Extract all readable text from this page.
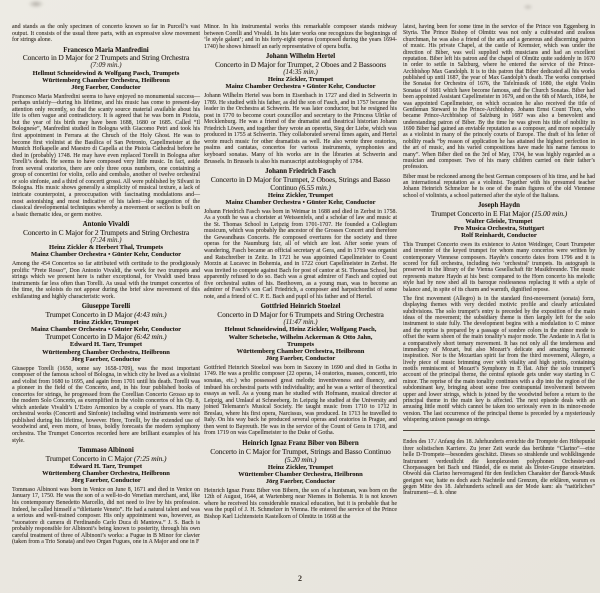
and stands as the only specimen of concerto known so far in Purcell’s vast output. It consists of the usual three parts, with an expressive slow movement for strings alone.

Francesco Maria Manfredini
Concerto in D Major for 2 Trumpets and String Orchestra
(7:09 min.)
Hellmut Schneidewind & Wolfgang Pasch, Trumpets
Württemberg Chamber Orchestra, Heilbronn
Jörg Faerber, Conductor

Francesco Maria Manfredini seems to have enjoyed no monumental success—perhaps unfairly—during his lifetime, and his music has come to present-day attention only recently, so that the scanty source material available about his life is often vague and contradictory. It is agreed that he was born in Pistoia, but the year of his birth may have been 1688, 1680 or 1685. Called “Il Bolognese”, Manfredini studied in Bologna with Giacomo Petri and took his first appointment in Ferrara at the Chruch of the Holy Ghost. He was to become first violinist at the Basilica of San Petronio, Capellmeister at the Munich Hofkapelle and Maestro di Capella at the Pistoia Cathedral before he died in (probably) 1748. He may have even replaced Torelli in Bologna after Torelli’s death. He seems to have composed very little music. In fact, aside from several oratorios, there are only three opus numbers, one containing a group of concertini for violin, cello and cembalo, another of twelve orchestral or solo sinfonie, and a third of concerti grossi. All were published by Silvani in Bologna. His music shows generally a simplicity of musical texture, a lack of intricate counterpoint, a preoccupation with fascinating modulations and—most astonishing and most indicative of his talent—the suggestion of the classical developmental techniques whereby a movement or section is built on a basic thematic idea, or germ motive.

Antonio Vivaldi
Concerto in C Major for 2 Trumpets and String Orchestra
(7:24 min.)
Heinz Zickler & Herbert Thal, Trumpets
Mainz Chamber Orchestra • Günter Kehr, Conductor

Among the 454 Concertos so far attributed with certitude to the prodigiously prolific “Prete Rosso”, Don Antonio Vivaldi, the work for two trumpets and strings which we present here is rather exceptional, for Vivaldi used brass instruments far less often than Torelli. As usual with the trumpet concertos of the time, the soloists do not appear during the brief slow movement of this exhilarating and highly characteristic work.

Giuseppe Torelli
Trumpet Concerto in D Major (4:43 min.)
Heinz Zickler, Trumpet
Mainz Chamber Orchestra • Günter Kehr, Conductor
Trumpet Concerto in D Major (6:42 min.)
Edward H. Tarr, Trumpet
Württemberg Chamber Orchestra, Heilbronn
Jörg Faerber, Conductor

Giuseppe Torelli (1650, some say 1658-1709), was the most important composer of the famous school of Bologna, in which city he lived as a violinist and violist from 1680 to 1695, and again from 1701 until his death. Torelli was a pioneer in the field of the Concerto, and, in his four published books of concertos for strings, he progressed from the Corellian Concerto Grosso up to the modern Solo Concerto, as exemplified in the violin concertos of his Op. 8, which antedate Vivaldi’s L’Estro Armonico by a couple of years. His many orchestral works (Concerti and Sinfonie) including wind instruments were not published during his lifetime, however. Here, Torelli, by the extended use of woodwind and, even more, of brass, boldly forecasts the modern symphony orchestra. The Trumpet Concertos recorded here are brilliant examples of his style.

Tommaso Albinoni
Trumpet Concerto in C Major (7:25 min.)
Edward H. Tarr, Trumpet
Württemberg Chamber Orchestra, Heilbronn
Jörg Faerber, Conductor

Tommaso Albinoni was born in Venice on June 8, 1671 and died in Venice on January 17, 1750. He was the son of a well-to-do Venetian merchant, and, like his contemporary Benedetto Marcello, did not need to live by his profession. Indeed, he called himself a “dilettante Veneto”. He had a natural talent and was a serious and well-trained composer. His only appointment was, however, as “suonatore di camera di Ferdinando Carlo Duca di Mantova.” J. S. Bach is probably responsible for Albinoni’s being known to posterity, through his own careful treatment of three of Albinoni’s works: a Fugue in B Minor for clavier (taken from a Trio Sonata) and two Organ Fugues, one in A Major and one in F

Minor. In his instrumental works this remarkable composer stands midway between Corelli and Vivaldi. In his later works one recognizes the beginnings of ‘le style galant’; and in his forty-eight operas (composed during the years 1694-1740) he shows himself an early representative of opera buffa.

Johann Wilhelm Hertel
Concerto in D Major for Trumpet, 2 Oboes and 2 Bassoons
(14:35 min.)
Heinz Zickler, Trumpet
Mainz Chamber Orchestra • Günter Kehr, Conductor

Johann Wilhelm Hertel was born in Eisenbach in 1727 and died in Schwerin in 1789. He studied with his father, as did the son of Fasch, and in 1757 became the leader in the Orchestra at Schwerin. He was later conductor, but he resigned his post in 1770 to become court councillor and secretary to the Princess Ulrike of Mecklenburg. He was a friend of the dramatist and theatrical historian Johann Friedrich Löwen, and together they wrote an operetta, Sieg der Liebe, which was produced in 1755 at Schwerin. They collaborated several times again, and Hertel wrote much music for other dramatists as well. He also wrote three oratorios, psalms and cantatas, concertos for various instruments, symphonies and keyboard sonatas. Many of his works are in the libraries at Schwerin and Brussels. In Brussels is also his manuscript autobiography of 1784.

Johann Friedrich Fasch
Concerto in D Major for Trumpet, 2 Oboes, Strings and Basso Continuo (6.55 min.)
Heinz Zickler, Trumpet
Mainz Chamber Orchestra • Günter Kehr, Conductor

Johann Friedrich Fasch was born in Weimar in 1688 and died in Zerbst in 1758. As a youth he was a chorister at Weissenfels, and a scholar of law and music at the St. Thomas School in Leipzig from 1701-1707. He founded a Collegium musicum, which was probably the ancestor of the Grosses Concert and therefore the Gewandhaus Concerts. He composed overtures for the society and three operas for the Naumburg fair, all of which are lost. After some years of wandering, Fasch became an official secretary at Gera, and in 1719 was organist and Ratschreiber in Zeitz. In 1721 he was appointed Capellmeister to Count Morzin at Lucavec in Bohemia, and in 1722 court Capellmeister in Zerbst. He was invited to compete against Bach for post of cantor at St. Thomas School, but apparently refused to do so. Bach was a great admirer of Fasch and copied out five orchestral suites of his. Beethoven, as a young man, was to become an admirer of Fasch’s son Carl Friedrich, a composer and harpsichordist of some note, and a friend of C. P. E. Bach and pupil of his father and of Hertel.

Gottfried Heinrich Stoelzel
Concerto in D Major for 6 Trumpets and String Orchestra
(11:47 min.)
Helmut Schneidewind, Heinz Zickler, Wolfgang Pasch,
Walter Schetsche, Wilhelm Ackerman & Otto Jahn,
Trumpets
Württemberg Chamber Orchestra, Heilbronn
Jörg Faerber, Conductor

Gottfried Heinrich Stoelzel was born in Saxony in 1690 and died in Gotha in 1749. He was a prolific composer (22 operas, 14 oratorios, masses, concerti, trio sonatas, etc.) who possessed great melodic inventiveness and fluency, and imbued his orchestral parts with individuality; and he was a writer of theoretical essays as well. As a young man he studied with Hofmann, musical director at Leipzig, and Umlauf at Schneeberg. In Leipzig he studied at the University and joined Telemann’s Musical Society. He taught music from 1710 to 1712 in Breslau, where his first opera, Narcissus, was produced. In 1713 he travelled to Italy. On his way back he produced several operas and oratorios in Prague, and then went to Bayreuth. He was in the service of the Count of Gera in 1718, and from 1719 on was Capellmeister to the Duke of Gotha.

Heinrich Ignaz Franz Biber von Bibern
Concerto in C Major for Trumpet, Strings and Basso Continuo (5.20 min.)
Heinz Zickler, Trumpet
Württember Chamber Orchestra, Heilbronn
Jörg Faerber, Conductor

Heinrich Ignaz Franz Biber von Bibern, the son of a huntsman, was born on the 12th of August, 1644, at Wartenberg near Niemes in Bohemia. It is not known where he received his considerable musical education, but it is probable that he was the pupil of J. H. Schmelzer in Vienna. He entered the service of the Prince Bishop Karl Lichtenstein Kastelkorn of Olmütz in 1668 at the

latest, having been for some time in the service of the Prince von Eggenberg in Styria. The Prince Bishop of Olmütz was not only a cultivated and zealous churchman, he was also a friend of the arts and a generous and discerning patron of music. His private Chapel, at the castle of Kremsier, which was under the direction of Biber, was well supplied with musicians and had an excellent reputation. Biber left his patron and the chapel of Olmütz quite suddenly in 1670 in order to settle in Salzburg, where he entered the service of the Prince-Archbishop Max Gandolph. It is to this patron that Biber dedicated all his works published up until 1687, the year of Max Gandolph’s death. The works comprised the Sonatas for Orchestra of 1676, the Tafelmusik of 1680, the eight Violin Sonatas of 1681 which have become famous, and the Church Sonatas. Biber had been appointed Assistant Capellmeister in 1679, and on the 6th of March, 1684, he was appointed Capellmeister, on which occasion he also received the title of Gentleman Steward to the Prince-Archbishop. Johann Ernst Count Thun, who became Prince-Archbishop of Salzburg in 1687 was also a benevolent and understanding patron of Biber. By the time he was given his title of nobility in 1690 Biber had gained an enviable reputation as a composer, and more especially as a violinist in many of the princely courts of Europe. The draft of his letter of nobility reads “by reason of application he has attained the highest perfection in the art of music, and his varied compositions have made his name famous to many”. When Biber died on the 3rd of May, 1704, he was highly regarded as a musician and composer. Two of his many children carried on their father’s profession.

Biber must be reckoned among the best German composers of his time, and he had an international reputation as a violinist. Together with his presumed teacher Johann Heinrich Schmelzer he is one of the main figures of the old Viennese school of violinists, a school patterned after the style of the Italians.

Joseph Haydn
Trumpet Concerto in E Flat Major (15.00 min.)
Walter Gleisle, Trumpet
Pro Musica Orchestra, Stuttgart
Rolf Reinhardt, Conductor

This Trumpet Concerto owes its existence to Anton Weidinger, Court Trumpeter and inventor of the keyed trumpet for whom many concertos were written by contemporary Viennese composers. Haydn’s concerto dates from 1796 and it is scored for full orchestra, including two ‘orchestral’ trumpets. Its autograph is preserved in the library of the Vienna Gesellschaft für Musikfreunde. The music represents mature Haydn at his best: compared to the Horn concerto his melodic style had by now shed all its baroque restlessness replacing it with a style of balance and, in spite of its charm and warmth, dignified repose.

The first movement (Allegro) is in the standard first-movement (sonata) form, displaying themes with very decided motivic profile and clearly articulated subdivisions. The solo trumpet’s entry is preceded by the exposition of the main ideas of the movement; the subsidiary theme is then largely left for the solo instrument to state fully. The development begins with a modulation to C minor and the reprise is prepared by a passage of sombre colors in the minor mode to offset the warm sheen of the main tonality’s major mode. The Andante in A flat is a comparatively short ternary movement. It has not only all the tenderness and immediacy of Mozart, but also Mozart’s delicate and amazing harmonic inspiration. Nor is the Mozartian spirit far from the third movement, Allegro, a lively piece of music brimming over with vitality and high spirits, containing motifs reminiscent of Mozart’s Symphony in E flat. After the solo trumpet’s account of the principal theme, the central episode gets under way starting in C minor. The reprise of the main tonality continues with a dip into the region of the subdominant key, bringing about some free contrapuntal involvement between upper and lower strings, which is joined by the woodwind before a return to the principal theme in the main key is affected. The next episode deals with an amusing little motif which cannot be taken too seriously even in its minor-mode version. The last occurrence of the principal theme is preceded by a mysteriously whispering unison passage on strings.

Endes des 17./ Anfang des 18. Jahrhunderts erreichte die Trompete den Höhepunkt ihrer solistischen Karriere. Zu jener Zeit wurde das berühmte “Clarino”—eine helle D-Trompete—besonders geschätzt. Dieses so strahlende und wohlklingende Instrument verdeutlicht die komplexesten polyphonen Orchester-und Chorpassagen bei Bach und Händel, die es meist als Dreier-Gruppe einsetzten. Obwohl das Clarino hervorragend für den festlichen Charakter der Barock-Musik geeignet war, hatte es doch auch Nachteile und Grenzen, die erklären, warum es gegen Mitte des 18. Jahrhunderts schnell aus der Mode kam: als “natürliches” Instrument—d. h. ohne

2
